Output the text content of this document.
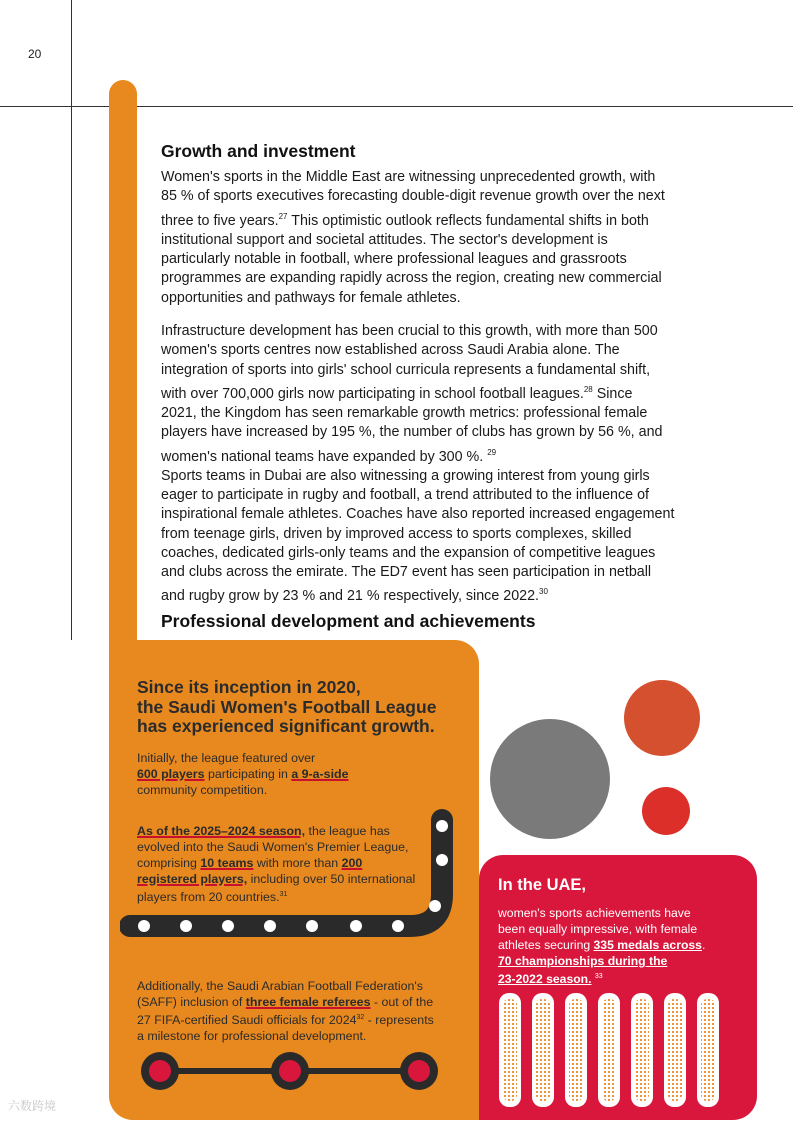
20
Growth and investment

Women's sports in the Middle East are witnessing unprecedented growth, with

85 % of sports executives forecasting double-digit revenue growth over the next

three to five years.$^{27}$ This optimistic outlook reflects fundamental shifts in both

institutional support and societal attitudes. The sector's development is

particularly notable in football, where professional leagues and grassroots

programmes are expanding rapidly across the region, creating new commercial

opportunities and pathways for female athletes.

Infrastructure development has been crucial to this growth, with more than 500

women's sports centres now established across Saudi Arabia alone. The

integration of sports into girls' school curricula represents a fundamental shift,

with over 700,000 girls now participating in school football leagues.$^{28}$ Since

2021, the Kingdom has seen remarkable growth metrics: professional female

players have increased by 195 %, the number of clubs has grown by 56 %, and

women's national teams have expanded by 300 %. $^{29}$

Sports teams in Dubai are also witnessing a growing interest from young girls

eager to participate in rugby and football, a trend attributed to the influence of

inspirational female athletes. Coaches have also reported increased engagement

from teenage girls, driven by improved access to sports complexes, skilled

coaches, dedicated girls-only teams and the expansion of competitive leagues

and clubs across the emirate. The ED7 event has seen participation in netball

and rugby grow by 23 % and 21 % respectively, since 2022.30

Professional development and achievements
Since its inception in 2020,
the Saudi Women's Football League
has experienced significant growth.
Initially, the league featured over
600 players participating in a 9-a-side
community competition.
As of the 2025–2024 season, the league has
evolved into the Saudi Women's Premier League,
comprising 10 teams with more than 200
registered players, including over 50 international
players from 20 countries.$^{31}$
Additionally, the Saudi Arabian Football Federation's
(SAFF) inclusion of three female referees - out of the
27 FIFA-certified Saudi officials for 2024$^{32}$ - represents
a milestone for professional development.
In the UAE,
women's sports achievements have
been equally impressive, with female
athletes securing 335 medals across.
70 championships during the
23-2022 season. $^{33}$
六数跨境
